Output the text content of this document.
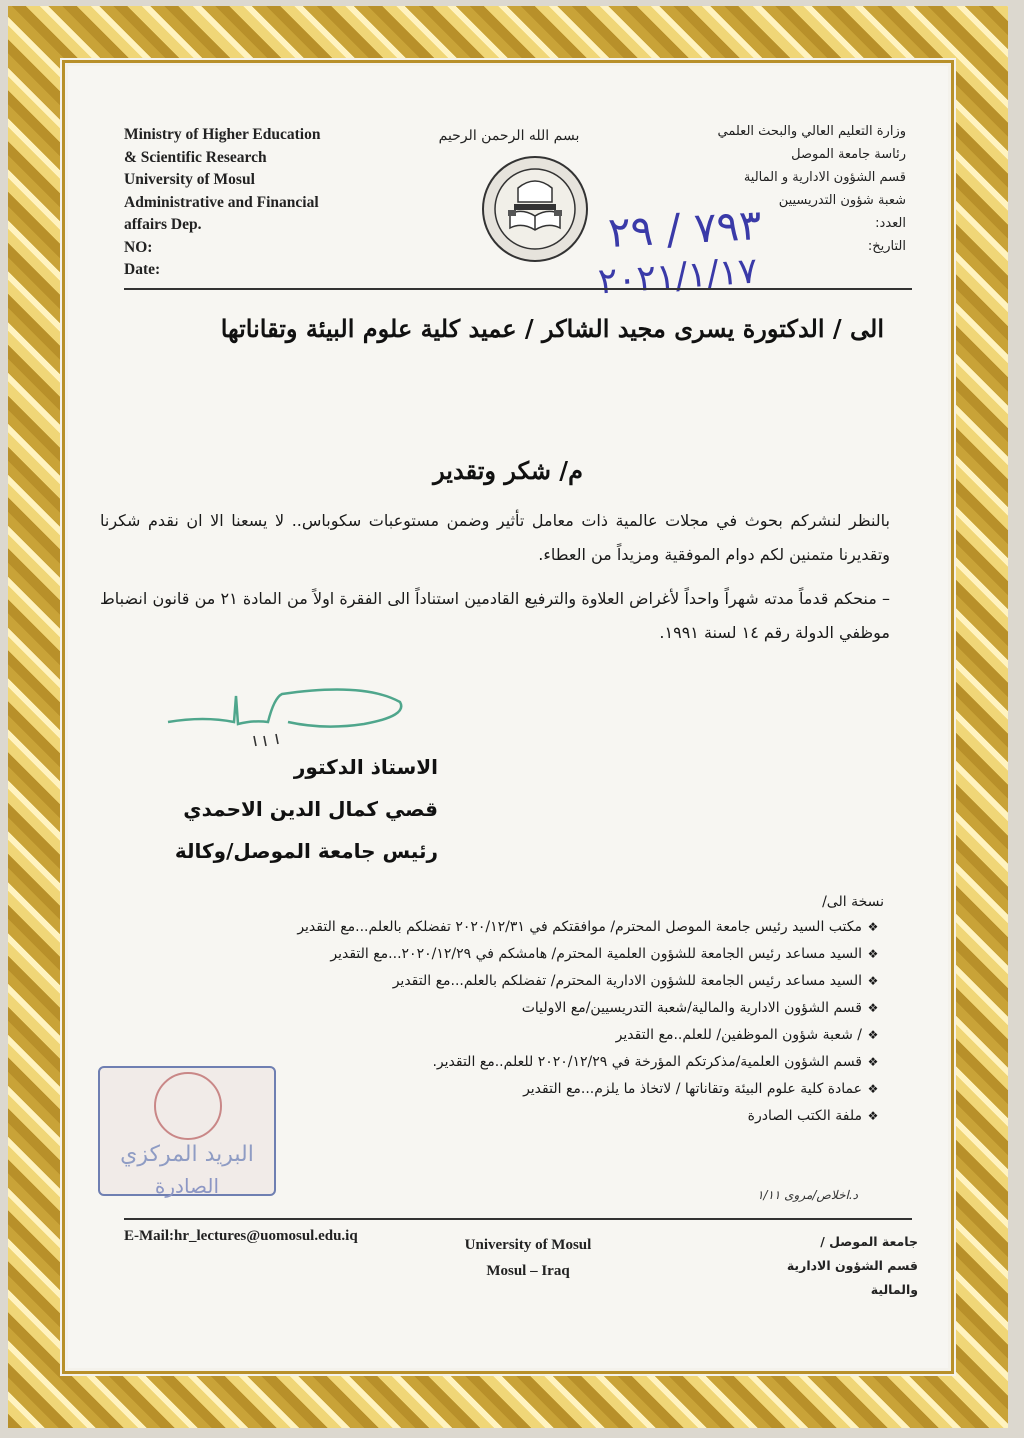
Ministry of Higher Education
& Scientific Research
University of Mosul
Administrative and Financial
affairs Dep.
NO:
Date:
بسم الله الرحمن الرحيم	وزارة التعليم العالي والبحث العلمي
رئاسة جامعة الموصل
قسم الشؤون الادارية و المالية
شعبة شؤون التدريسيين
العدد:
التاريخ:
٧٩٣ / ٢٩
٢٠٢١/١/١٧
الى / الدكتورة يسرى مجيد الشاكر / عميد كلية علوم البيئة وتقاناتها
م/ شكر وتقدير
بالنظر لنشركم بحوث في مجلات عالمية ذات معامل تأثير وضمن مستوعبات سكوباس.. لا يسعنا الا ان نقدم شكرنا وتقديرنا متمنين لكم دوام الموفقية ومزيداً من العطاء.
– منحكم قدماً مدته شهراً واحداً لأغراض العلاوة والترفيع القادمين استناداً الى الفقرة اولاً من المادة ٢١ من قانون انضباط موظفي الدولة رقم ١٤ لسنة ١٩٩١.
الاستاذ الدكتور
قصي كمال الدين الاحمدي
رئيس جامعة الموصل/وكالة
نسخة الى/
❖مكتب السيد رئيس جامعة الموصل المحترم/ موافقتكم في ٢٠٢٠/١٢/٣١ تفضلكم بالعلم...مع التقدير
❖السيد مساعد رئيس الجامعة للشؤون العلمية المحترم/ هامشكم في ٢٠٢٠/١٢/٢٩...مع التقدير
❖السيد مساعد رئيس الجامعة للشؤون الادارية المحترم/ تفضلكم بالعلم...مع التقدير
❖قسم الشؤون الادارية والمالية/شعبة التدريسيين/مع الاوليات
❖/ شعبة شؤون الموظفين/ للعلم..مع التقدير
❖قسم الشؤون العلمية/مذكرتكم المؤرخة في ٢٠٢٠/١٢/٢٩ للعلم..مع التقدير.
❖عمادة كلية علوم البيئة وتقاناتها / لاتخاذ ما يلزم...مع التقدير
❖ملفة الكتب الصادرة
البريد المركزي
الصادرة	د.اخلاص/مروى ١/١١
E-Mail:hr_lectures@uomosul.edu.iq
University of Mosul
Mosul – Iraq
جامعة الموصل /
قسم الشؤون الادارية
والمالية
